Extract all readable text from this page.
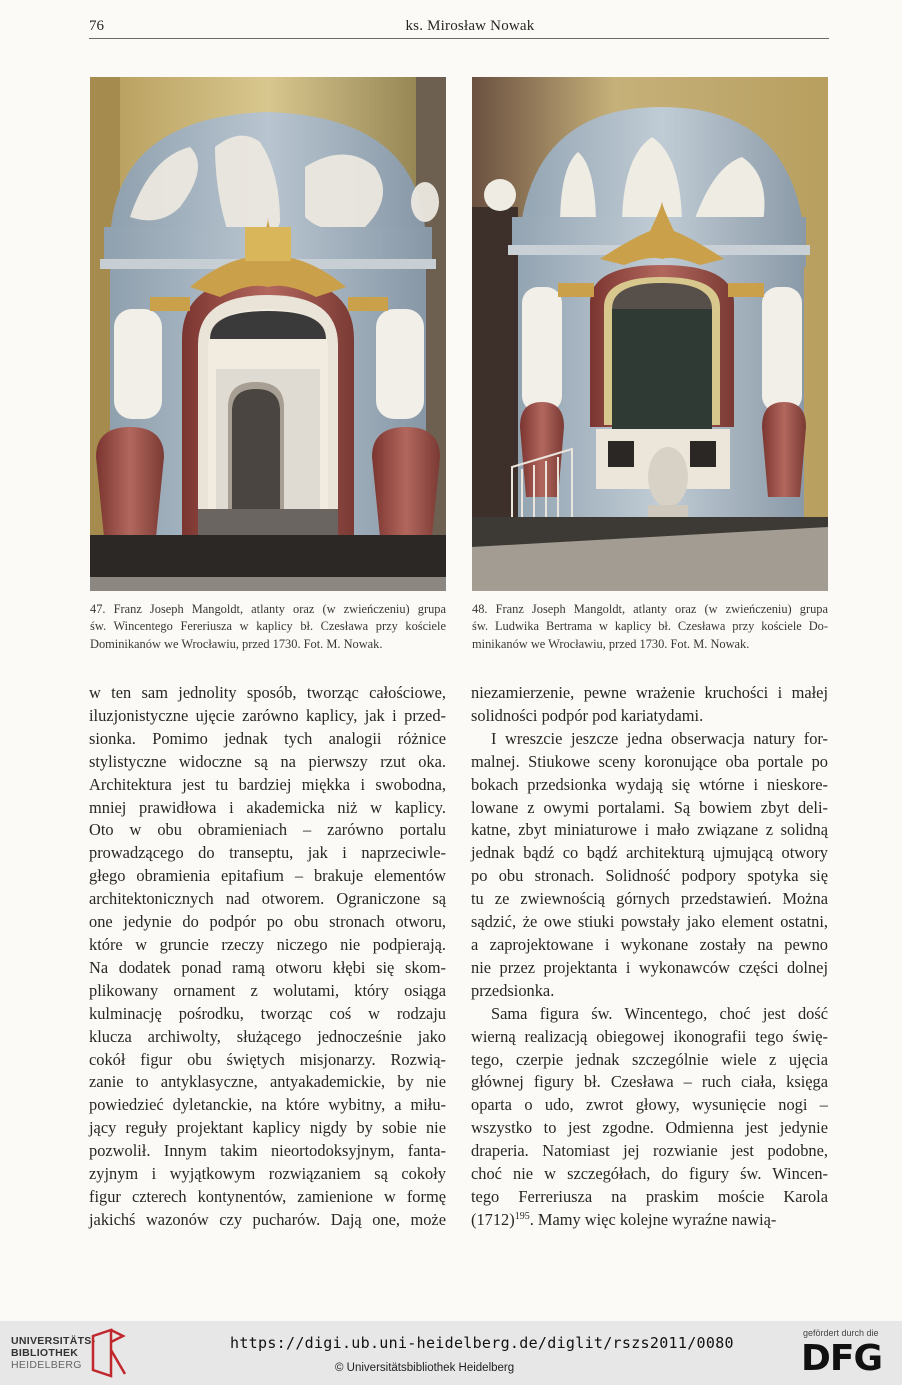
76	ks. Mirosław Nowak
47. Franz Joseph Mangoldt, atlanty oraz (w zwieńczeniu) grupa
św. Wincentego Fereriusza w kaplicy bł. Czesława przy kościele
Dominikanów we Wrocławiu, przed 1730. Fot. M. Nowak.
48. Franz Joseph Mangoldt, atlanty oraz (w zwieńczeniu) grupa
św. Ludwika Bertrama w kaplicy bł. Czesława przy kościele Do-
minikanów we Wrocławiu, przed 1730. Fot. M. Nowak.
w ten sam jednolity sposób, tworząc całościowe,
iluzjonistyczne ujęcie zarówno kaplicy, jak i przed-
sionka. Pomimo jednak tych analogii różnice
stylistyczne widoczne są na pierwszy rzut oka.
Architektura jest tu bardziej miękka i swobodna,
mniej prawidłowa i akademicka niż w kaplicy.
Oto w obu obramieniach – zarówno portalu
prowadzącego do transeptu, jak i naprzeciwle-
głego obramienia epitafium – brakuje elementów
architektonicznych nad otworem. Ograniczone są
one jedynie do podpór po obu stronach otworu,
które w gruncie rzeczy niczego nie podpierają.
Na dodatek ponad ramą otworu kłębi się skom-
plikowany ornament z wolutami, który osiąga
kulminację pośrodku, tworząc coś w rodzaju
klucza archiwolty, służącego jednocześnie jako
cokół figur obu świętych misjonarzy. Rozwią-
zanie to antyklasyczne, antyakademickie, by nie
powiedzieć dyletanckie, na które wybitny, a miłu-
jący reguły projektant kaplicy nigdy by sobie nie
pozwolił. Innym takim nieortodoksyjnym, fanta-
zyjnym i wyjątkowym rozwiązaniem są cokoły
figur czterech kontynentów, zamienione w formę
jakichś wazonów czy pucharów. Dają one, może
niezamierzenie, pewne wrażenie kruchości i małej
solidności podpór pod kariatydami.
I wreszcie jeszcze jedna obserwacja natury for-
malnej. Stiukowe sceny koronujące oba portale po
bokach przedsionka wydają się wtórne i nieskore-
lowane z owymi portalami. Są bowiem zbyt deli-
katne, zbyt miniaturowe i mało związane z solidną
jednak bądź co bądź architekturą ujmującą otwory
po obu stronach. Solidność podpory spotyka się
tu ze zwiewnością górnych przedstawień. Można
sądzić, że owe stiuki powstały jako element ostatni,
a zaprojektowane i wykonane zostały na pewno
nie przez projektanta i wykonawców części dolnej
przedsionka.
Sama figura św. Wincentego, choć jest dość
wierną realizacją obiegowej ikonografii tego świę-
tego, czerpie jednak szczególnie wiele z ujęcia
głównej figury bł. Czesława – ruch ciała, księga
oparta o udo, zwrot głowy, wysunięcie nogi –
wszystko to jest zgodne. Odmienna jest jedynie
draperia. Natomiast jej rozwianie jest podobne,
choć nie w szczegółach, do figury św. Wincen-
tego Ferreriusza na praskim moście Karola
$(1712)^{195}$. Mamy więc kolejne wyraźne nawią-
UNIVERSITÄTS-
BIBLIOTHEK
HEIDELBERG
https://digi.ub.uni-heidelberg.de/diglit/rszs2011/0080
© Universitätsbibliothek Heidelberg
gefördert durch die
DFG
